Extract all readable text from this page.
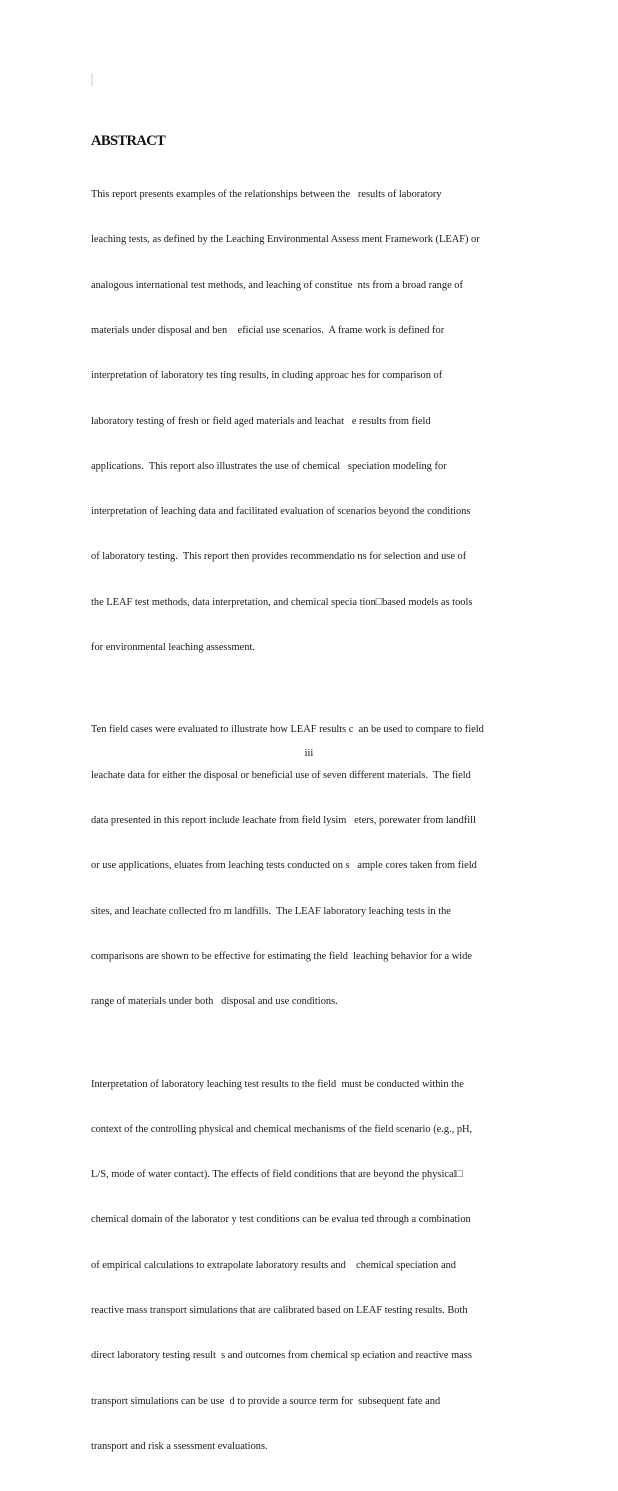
ABSTRACT

This report presents examples of the relationships between the   results of laboratory

leaching tests, as defined by the Leaching Environmental Assess ment Framework (LEAF) or

analogous international test methods, and leaching of constitue  nts from a broad range of

materials under disposal and ben    eficial use scenarios.  A frame work is defined for

interpretation of laboratory tes ting results, in cluding approac hes for comparison of

laboratory testing of fresh or field aged materials and leachat   e results from field

applications.  This report also illustrates the use of chemical   speciation modeling for

interpretation of leaching data and facilitated evaluation of scenarios beyond the conditions

of laboratory testing.  This report then provides recommendatio ns for selection and use of

the LEAF test methods, data interpretation, and chemical specia tion□based models as tools

for environmental leaching assessment.

Ten field cases were evaluated to illustrate how LEAF results c  an be used to compare to field

leachate data for either the disposal or beneficial use of seven different materials.  The field

data presented in this report include leachate from field lysim   eters, porewater from landfill

or use applications, eluates from leaching tests conducted on s   ample cores taken from field

sites, and leachate collected fro m landfills.  The LEAF laboratory leaching tests in the

comparisons are shown to be effective for estimating the field  leaching behavior for a wide

range of materials under both   disposal and use conditions.

Interpretation of laboratory leaching test results to the field  must be conducted within the

context of the controlling physical and chemical mechanisms of the field scenario (e.g., pH,

L/S, mode of water contact). The effects of field conditions that are beyond the physical□

chemical domain of the laborator y test conditions can be evalua ted through a combination

of empirical calculations to extrapolate laboratory results and    chemical speciation and

reactive mass transport simulations that are calibrated based on LEAF testing results. Both

direct laboratory testing result  s and outcomes from chemical sp eciation and reactive mass

transport simulations can be use  d to provide a source term for  subsequent fate and

transport and risk a ssessment evaluations.

iii
